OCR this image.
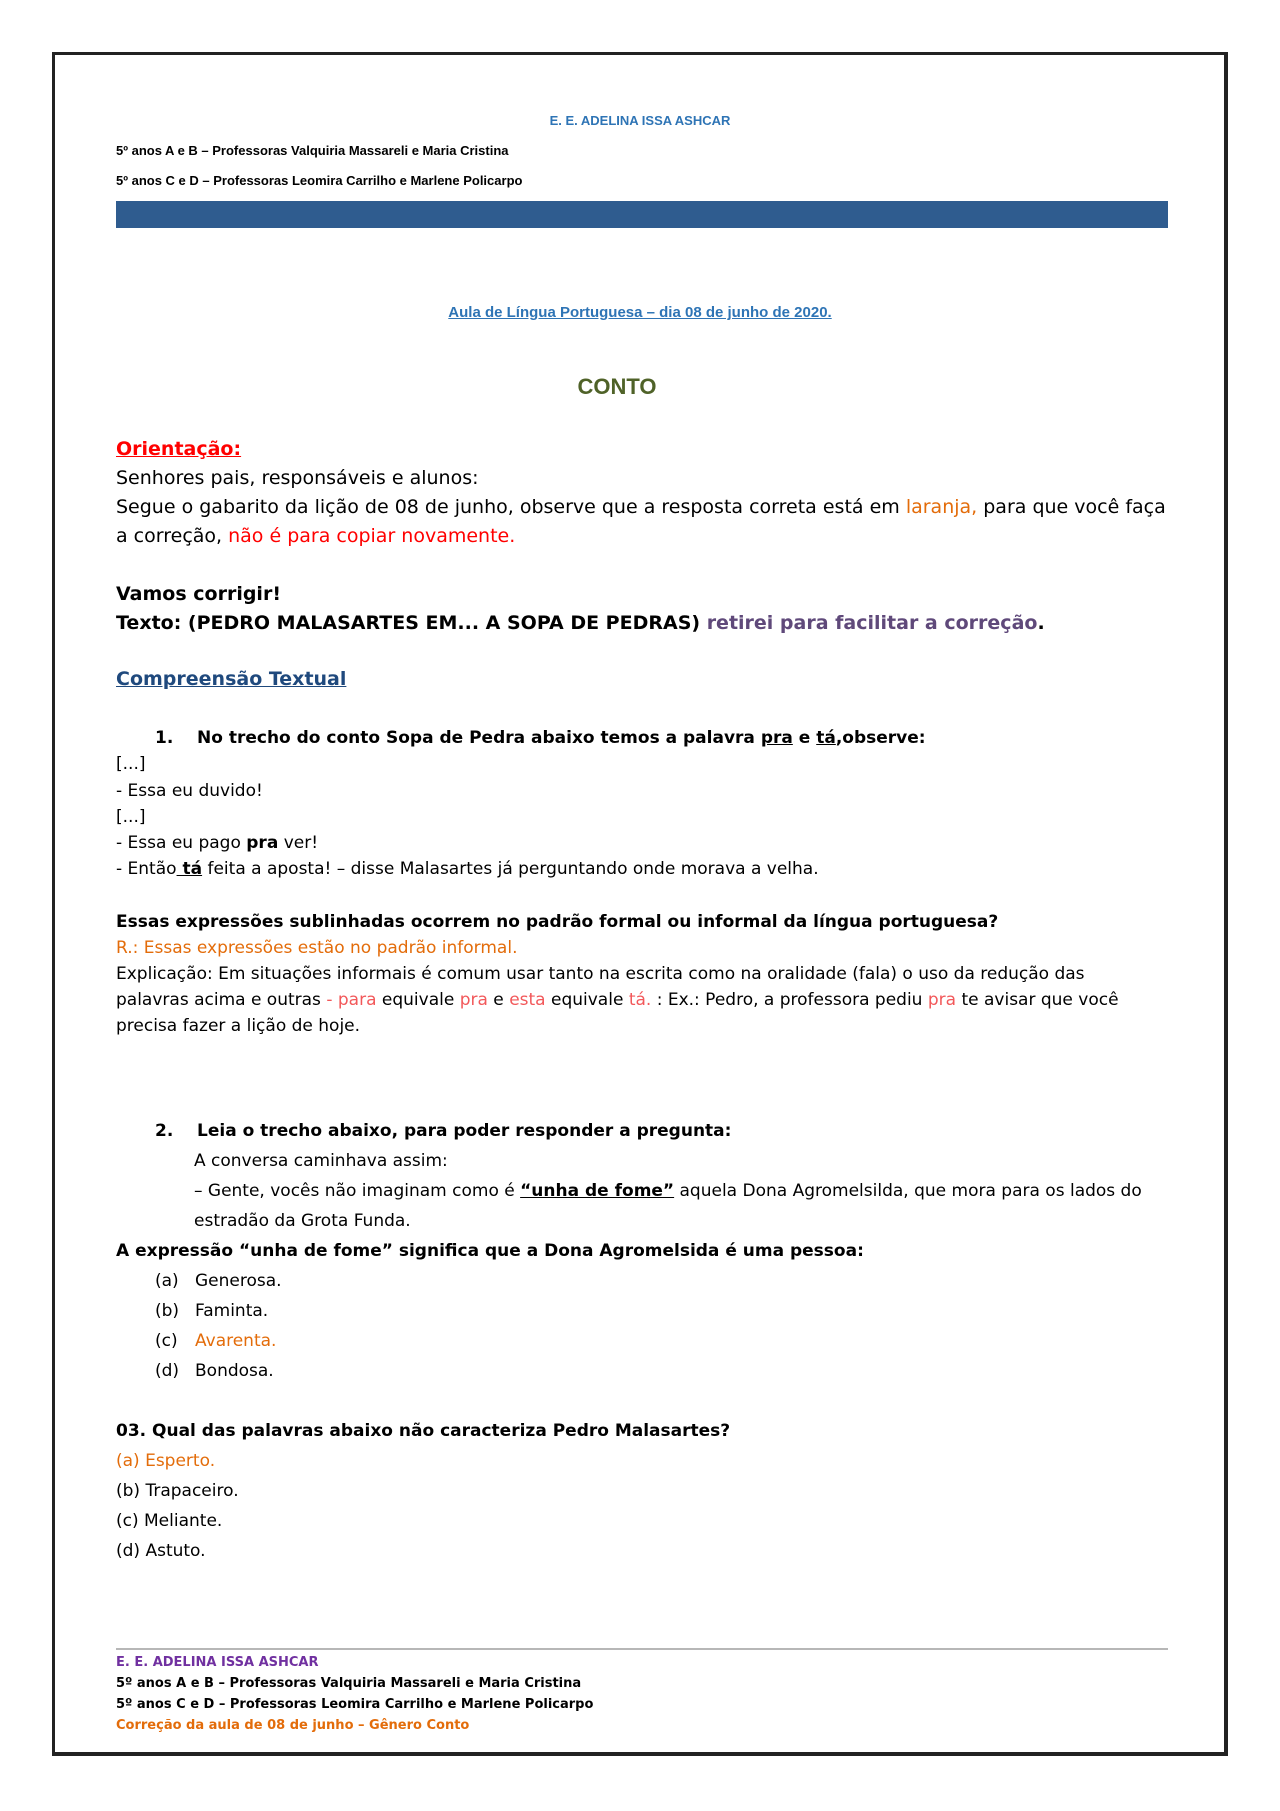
E. E. ADELINA ISSA ASHCAR
5º anos A e B – Professoras Valquiria Massareli e Maria Cristina
5º anos C e D – Professoras Leomira Carrilho e Marlene Policarpo
Aula de Língua Portuguesa – dia 08 de junho de 2020.
CONTO
Orientação:
Senhores pais, responsáveis e alunos:
Segue o gabarito da lição de 08 de junho, observe que a resposta correta está em laranja, para que você faça
a correção, não é para copiar novamente.
Vamos corrigir!
Texto: (PEDRO MALASARTES EM... A SOPA DE PEDRAS) retirei para facilitar a correção.
Compreensão Textual
1. No trecho do conto Sopa de Pedra abaixo temos a palavra pra e tá,observe:
[...]
- Essa eu duvido!
[...]
- Essa eu pago pra ver!
- Então tá feita a aposta! – disse Malasartes já perguntando onde morava a velha.
Essas expressões sublinhadas ocorrem no padrão formal ou informal da língua portuguesa?
R.: Essas expressões estão no padrão informal.
Explicação: Em situações informais é comum usar tanto na escrita como na oralidade (fala) o uso da redução das
palavras acima e outras - para equivale pra e esta equivale tá. : Ex.: Pedro, a professora pediu pra te avisar que você
precisa fazer a lição de hoje.
2. Leia o trecho abaixo, para poder responder a pregunta:
A conversa caminhava assim:
– Gente, vocês não imaginam como é “unha de fome” aquela Dona Agromelsilda, que mora para os lados do
estradão da Grota Funda.
A expressão “unha de fome” significa que a Dona Agromelsida é uma pessoa:
(a) Generosa.
(b) Faminta.
(c) Avarenta.
(d) Bondosa.
03. Qual das palavras abaixo não caracteriza Pedro Malasartes?
(a) Esperto.
(b) Trapaceiro.
(c) Meliante.
(d) Astuto.
E. E. ADELINA ISSA ASHCAR
5º anos A e B – Professoras Valquiria Massareli e Maria Cristina
5º anos C e D – Professoras Leomira Carrilho e Marlene Policarpo
Correção da aula de 08 de junho – Gênero Conto
